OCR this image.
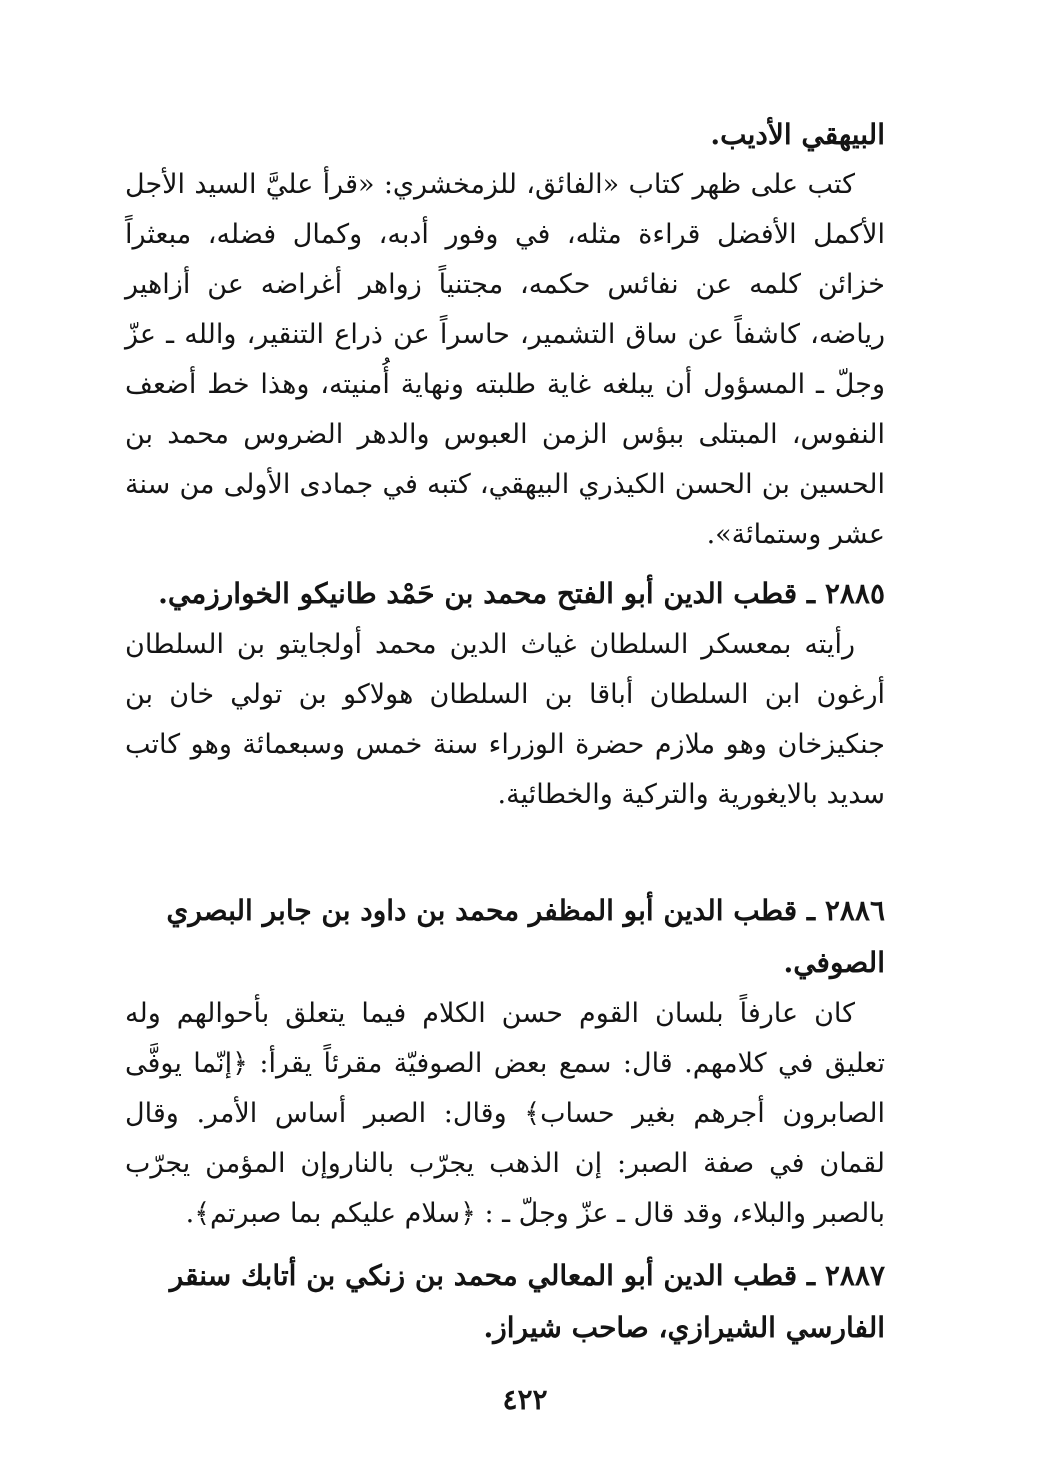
البيهقي الأديب.

كتب على ظهر كتاب «الفائق، للزمخشري: «قرأ عليَّ السيد الأجل الأكمل الأفضل قراءة مثله، في وفور أدبه، وكمال فضله، مبعثراً خزائن كلمه عن نفائس حكمه، مجتنياً زواهر أغراضه عن أزاهير رياضه، كاشفاً عن ساق التشمير، حاسراً عن ذراع التنقير، والله ـ عزّ وجلّ ـ المسؤول أن يبلغه غاية طلبته ونهاية أُمنيته، وهذا خط أضعف النفوس، المبتلى ببؤس الزمن العبوس والدهر الضروس محمد بن الحسين بن الحسن الكيذري البيهقي، كتبه في جمادى الأولى من سنة عشر وستمائة».

٢٨٨٥ ـ قطب الدين أبو الفتح محمد بن حَمْد طانيكو الخوارزمي.

رأيته بمعسكر السلطان غياث الدين محمد أولجايتو بن السلطان أرغون ابن السلطان أباقا بن السلطان هولاكو بن تولي خان بن جنكيزخان وهو ملازم حضرة الوزراء سنة خمس وسبعمائة وهو كاتب سديد بالايغورية والتركية والخطائية.

٢٨٨٦ ـ قطب الدين أبو المظفر محمد بن داود بن جابر البصري الصوفي.

كان عارفاً بلسان القوم حسن الكلام فيما يتعلق بأحوالهم وله تعليق في كلامهم. قال: سمع بعض الصوفيّة مقرئاً يقرأ: ﴿إنّما يوفَّى الصابرون أجرهم بغير حساب﴾ وقال: الصبر أساس الأمر. وقال لقمان في صفة الصبر: إن الذهب يجرّب بالناروإن المؤمن يجرّب بالصبر والبلاء، وقد قال ـ عزّ وجلّ ـ : ﴿سلام عليكم بما صبرتم﴾.

٢٨٨٧ ـ قطب الدين أبو المعالي محمد بن زنكي بن أتابك سنقر الفارسي الشيرازي، صاحب شيراز.

٤٢٢
